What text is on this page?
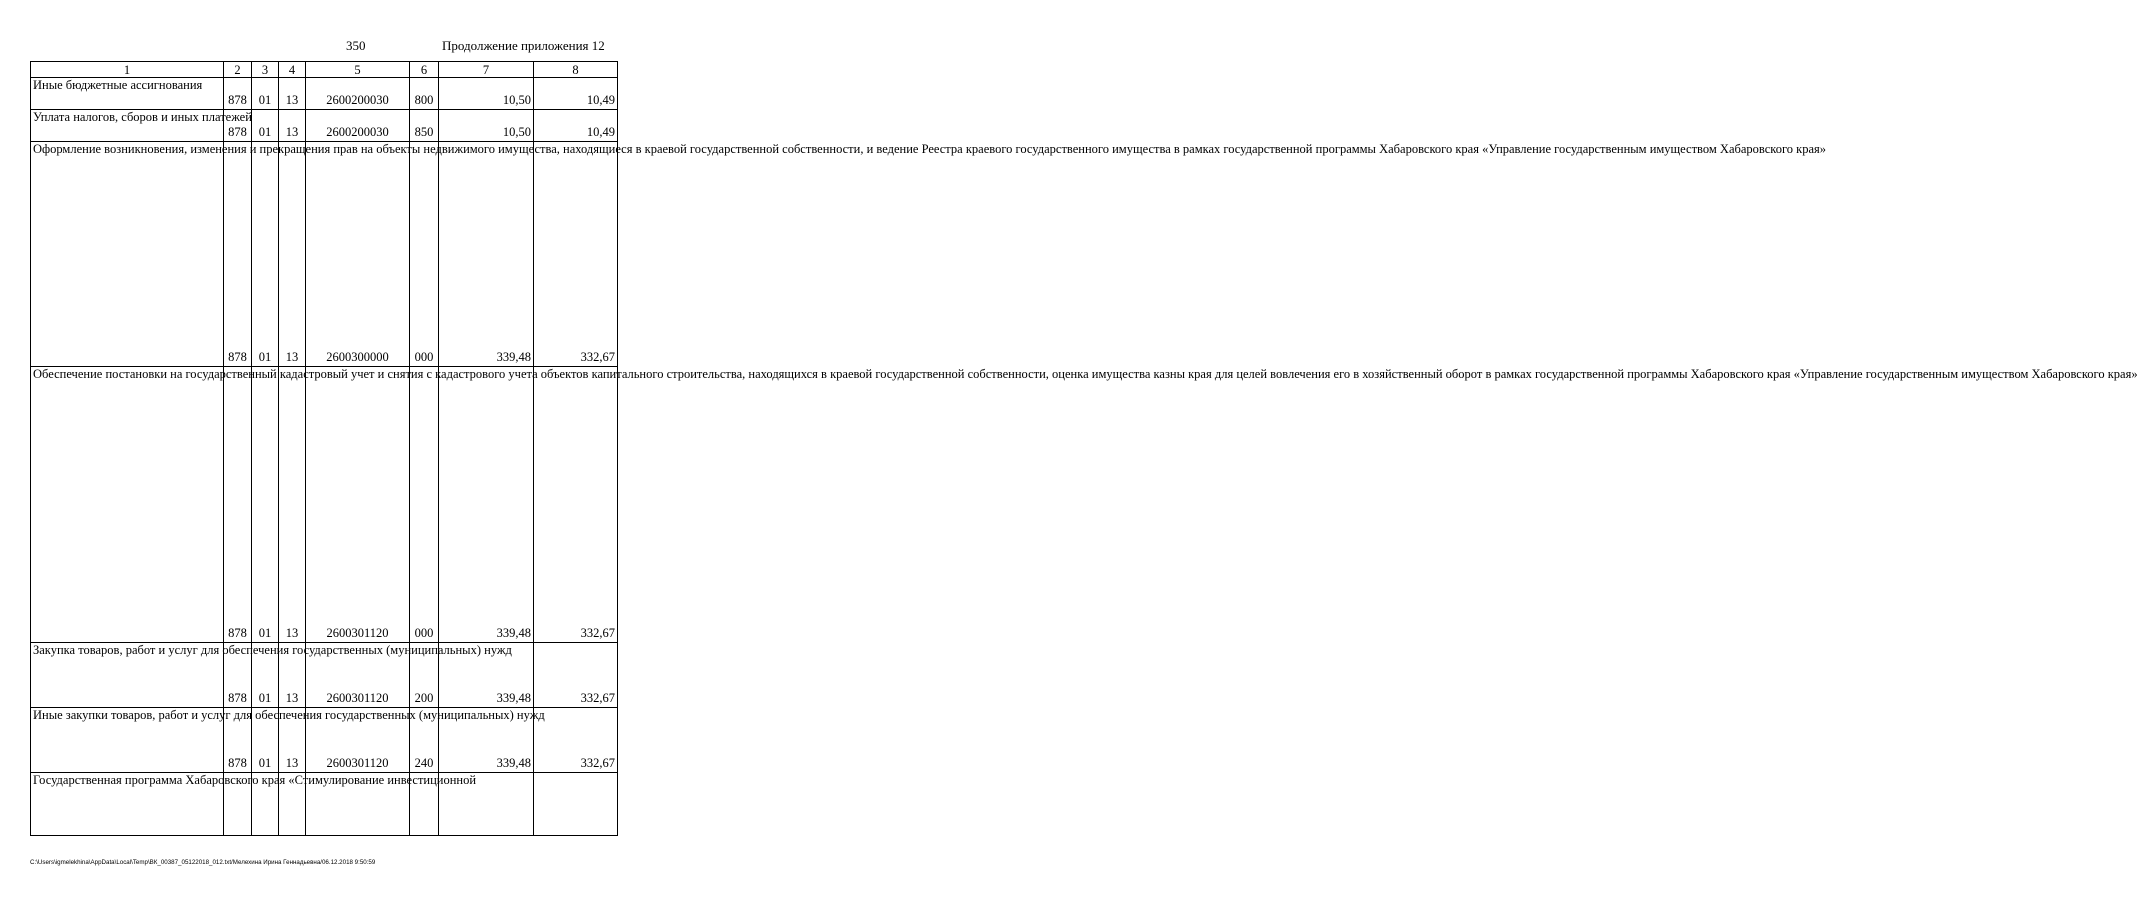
350	Продолжение приложения 12
1	2	3	4	5	6	7	8
Иные бюджетные ассигнования	878	01	13	2600200030	800	10,50	10,49
Уплата налогов, сборов и иных платежей	878	01	13	2600200030	850	10,50	10,49
Оформление возникновения, изменения и прекращения прав на объекты недвижимого имущества, находящиеся в краевой государственной собственности, и ведение Реестра краевого государственного имущества в рамках государственной программы Хабаровского края «Управление государственным имуществом Хабаровского края»	878	01	13	2600300000	000	339,48	332,67
Обеспечение постановки на государственный кадастровый учет и снятия с кадастрового учета объектов капитального строительства, находящихся в краевой государственной собственности, оценка имущества казны края для целей вовлечения его в хозяйственный оборот в рамках государственной программы Хабаровского края «Управление государственным имуществом Хабаровского края»	878	01	13	2600301120	000	339,48	332,67
Закупка товаров, работ и услуг для обеспечения государственных (муниципальных) нужд	878	01	13	2600301120	200	339,48	332,67
Иные закупки товаров, работ и услуг для обеспечения государственных (муниципальных) нужд	878	01	13	2600301120	240	339,48	332,67
Государственная программа Хабаровского края «Стимулирование инвестиционной							
C:\Users\igmelekhina\AppData\Local\Temp\ВК_00387_05122018_012.txt/Мелехина Ирина Геннадьевна/06.12.2018 9:50:59
